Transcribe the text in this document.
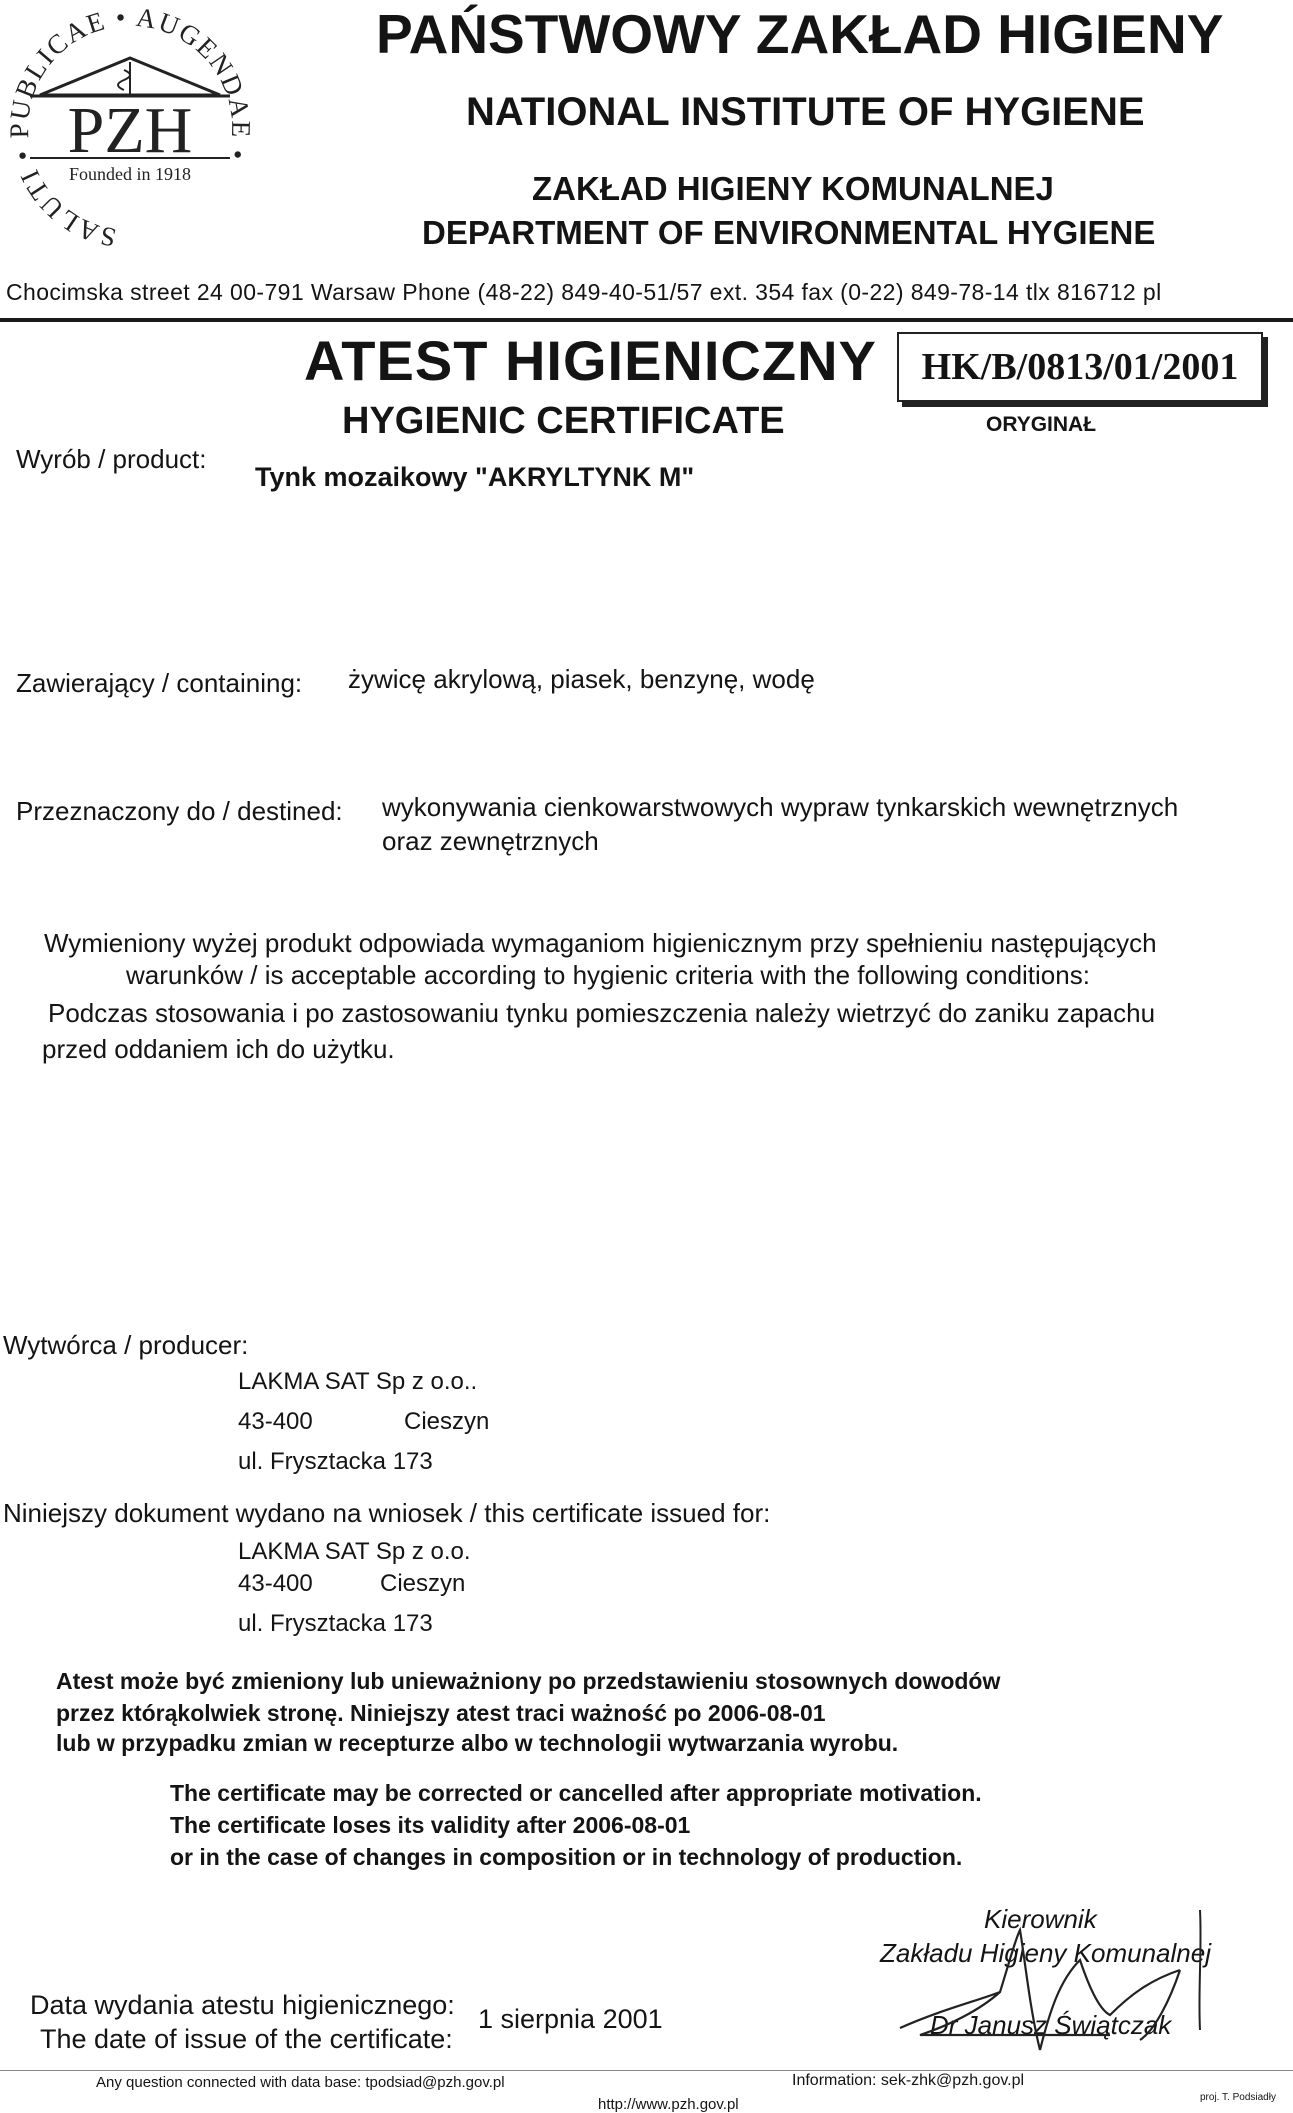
SALUTI • PUBLICAE • AUGENDAE •
PZH
Founded in 1918
PAŃSTWOWY ZAKŁAD HIGIENY
NATIONAL INSTITUTE OF HYGIENE
ZAKŁAD HIGIENY KOMUNALNEJ
DEPARTMENT OF ENVIRONMENTAL HYGIENE
Chocimska street 24 00-791 Warsaw Phone (48-22) 849-40-51/57 ext. 354 fax (0-22) 849-78-14 tlx 816712 pl
ATEST HIGIENICZNY	HK/B/0813/01/2001
HYGIENIC CERTIFICATE	ORYGINAŁ
Wyrób / product:
Tynk mozaikowy "AKRYLTYNK M"
Zawierający / containing: żywicę akrylową, piasek, benzynę, wodę
Przeznaczony do / destined: wykonywania cienkowarstwowych wypraw tynkarskich wewnętrznych
oraz zewnętrznych
Wymieniony wyżej produkt odpowiada wymaganiom higienicznym przy spełnieniu następujących
warunków / is acceptable according to hygienic criteria with the following conditions:
Podczas stosowania i po zastosowaniu tynku pomieszczenia należy wietrzyć do zaniku zapachu
przed oddaniem ich do użytku.
Wytwórca / producer:
LAKMA SAT Sp z o.o..
43-400	Cieszyn
ul. Frysztacka 173
Niniejszy dokument wydano na wniosek / this certificate issued for:
LAKMA SAT Sp z o.o.
43-400	Cieszyn
ul. Frysztacka 173
Atest może być zmieniony lub unieważniony po przedstawieniu stosownych dowodów
przez którąkolwiek stronę. Niniejszy atest traci ważność po 2006-08-01
lub w przypadku zmian w recepturze albo w technologii wytwarzania wyrobu.
The certificate may be corrected or cancelled after appropriate motivation.
The certificate loses its validity after 2006-08-01
or in the case of changes in composition or in technology of production.
Data wydania atestu higienicznego:
The date of issue of the certificate:
1 sierpnia 2001
Kierownik
Zakładu Higieny Komunalnej
Dr Janusz Świątczak
Any question connected with data base: tpodsiad@pzh.gov.pl	Information: sek-zhk@pzh.gov.pl
http://www.pzh.gov.pl	proj. T. Podsiadły
